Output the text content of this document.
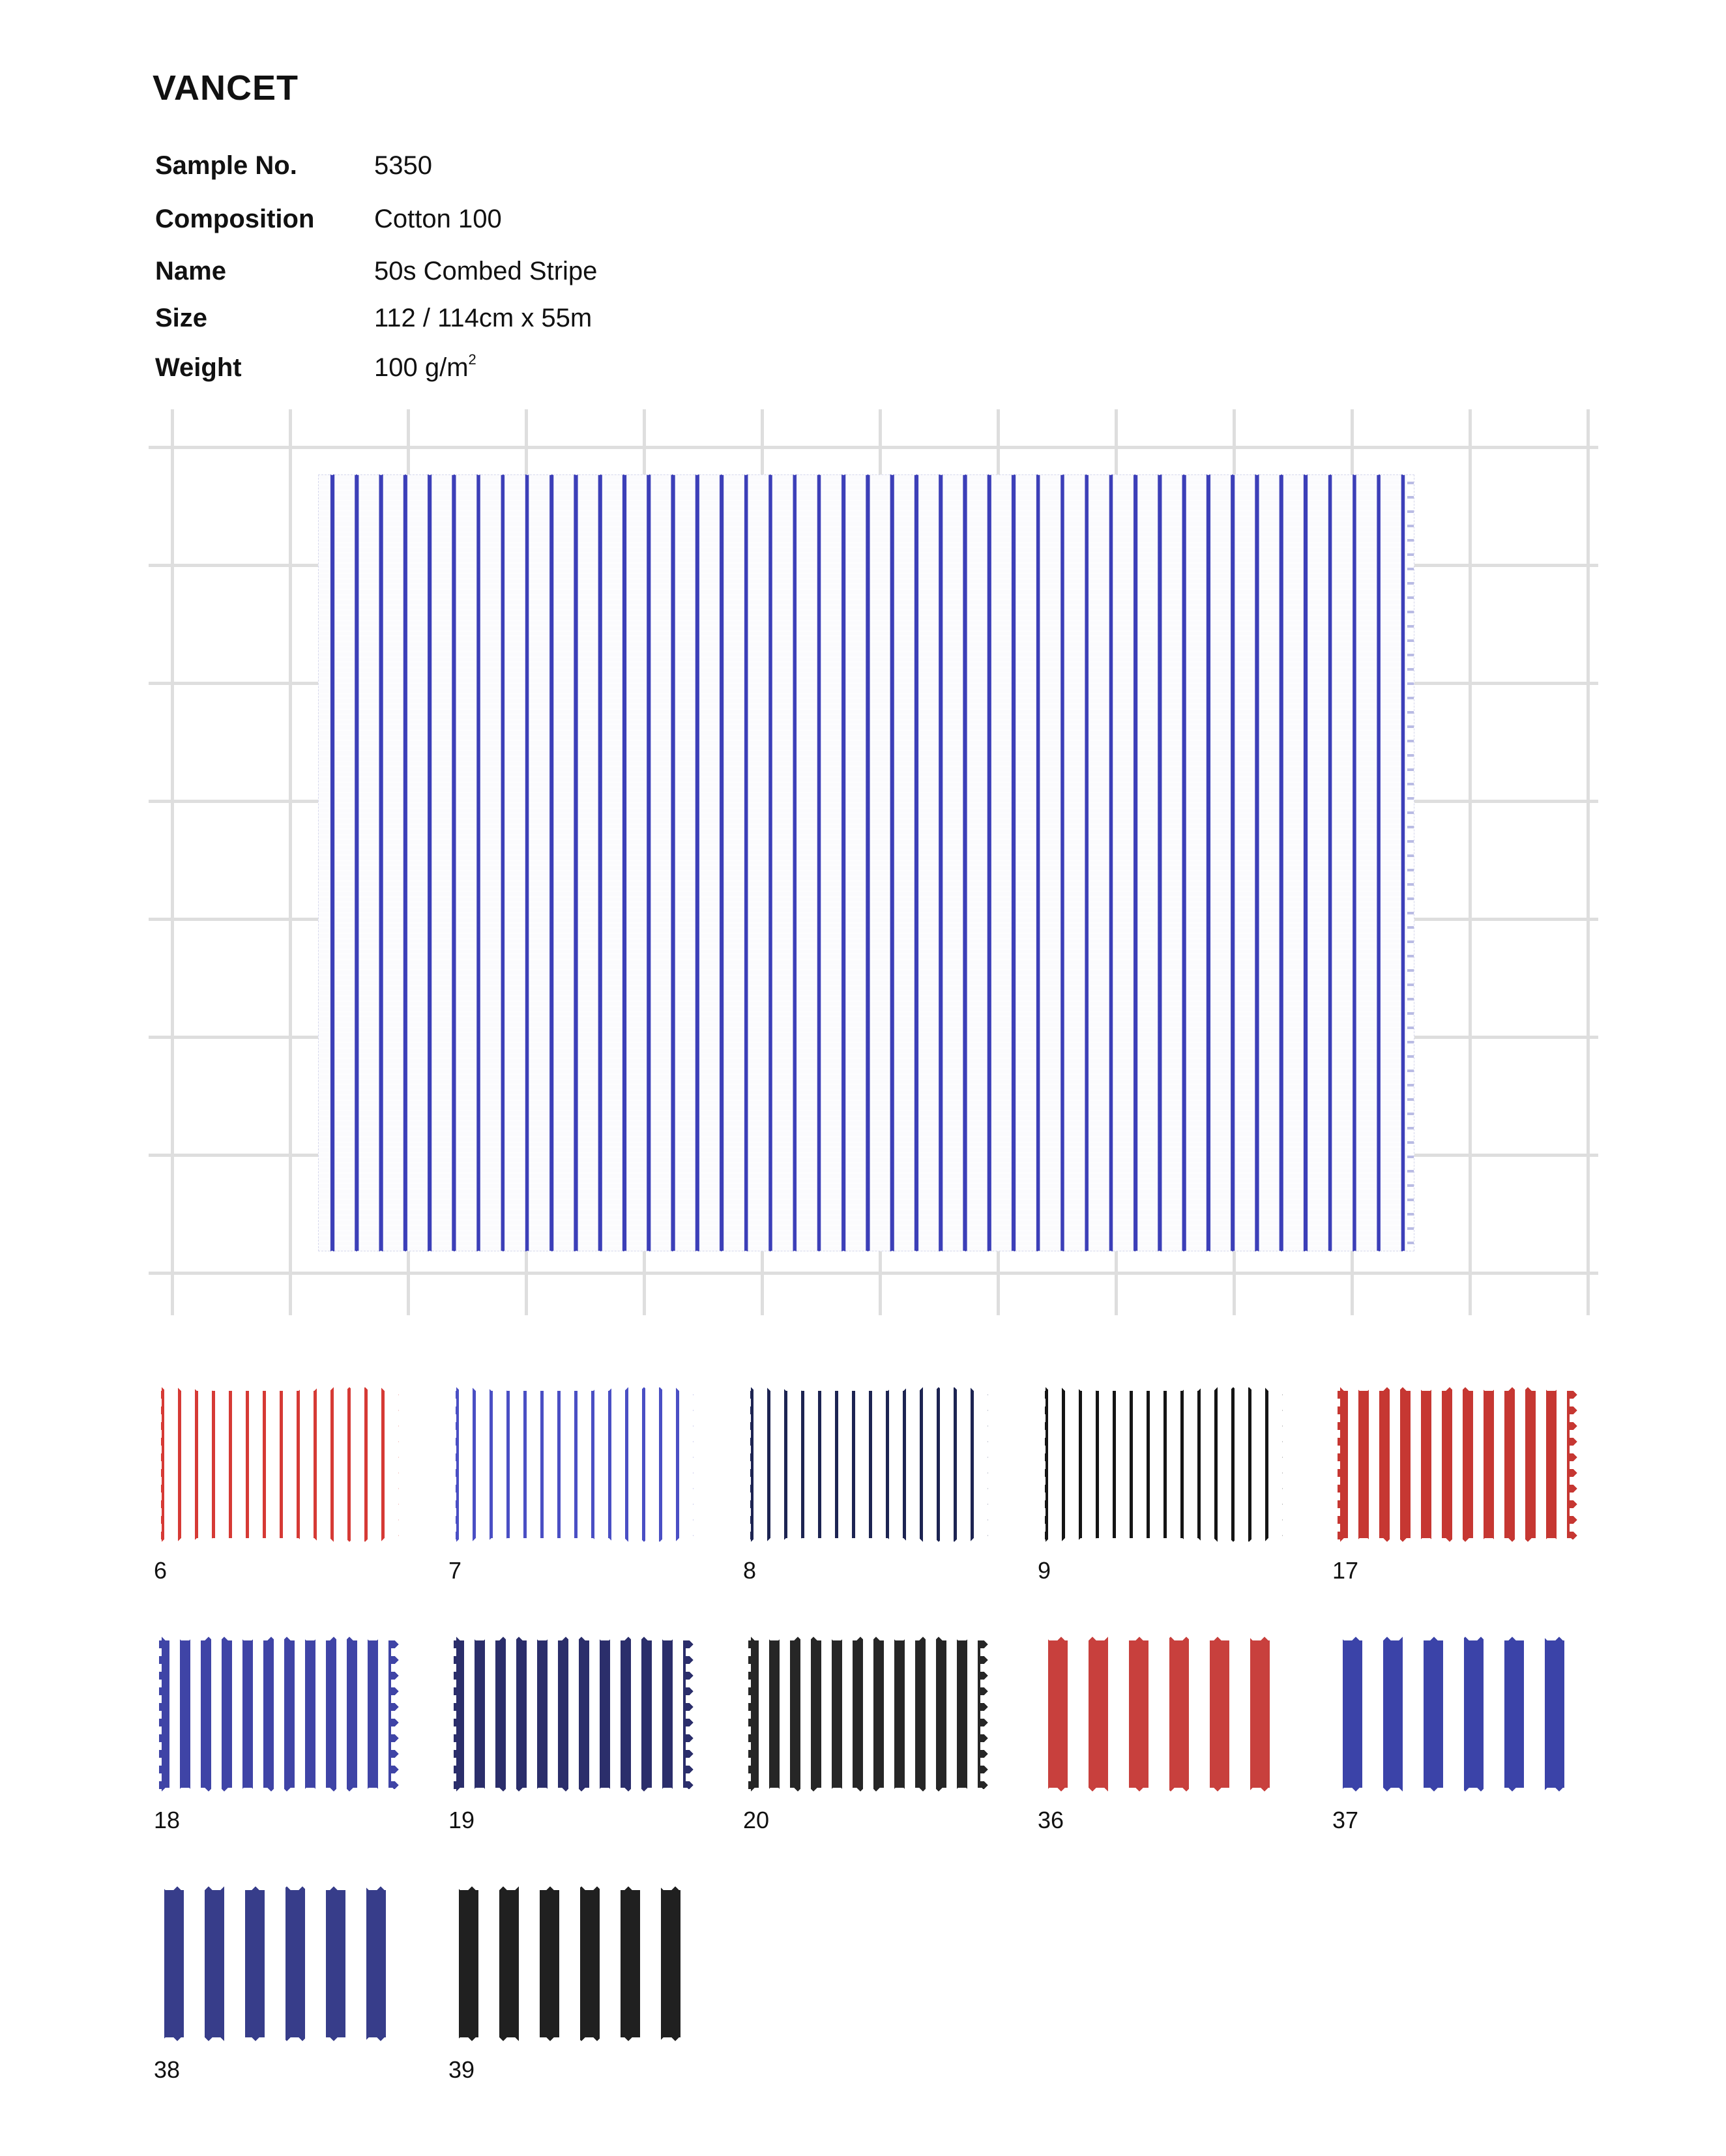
VANCET
Sample No.	5350
Composition Cotton 100
Name	50s Combed Stripe
Size	112 / 114cm x 55m
Weight	100 $g/m^2$
6	7	8	9	17
18	19	20	36	37
38	39
